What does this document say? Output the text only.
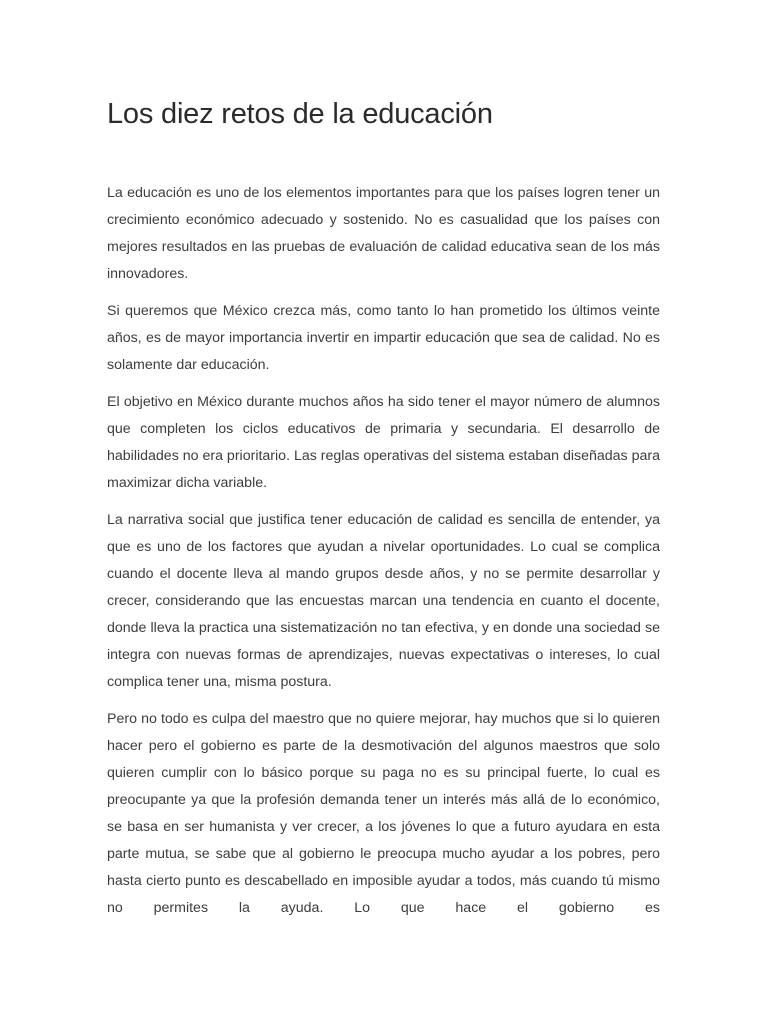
Los diez retos de la educación

La educación es uno de los elementos importantes para que los países logren tener un crecimiento económico adecuado y sostenido. No es casualidad que los países con mejores resultados en las pruebas de evaluación de calidad educativa sean de los más innovadores.

Si queremos que México crezca más, como tanto lo han prometido los últimos veinte años, es de mayor importancia invertir en impartir educación que sea de calidad. No es solamente dar educación.

El objetivo en México durante muchos años ha sido tener el mayor número de alumnos que completen los ciclos educativos de primaria y secundaria. El desarrollo de habilidades no era prioritario. Las reglas operativas del sistema estaban diseñadas para maximizar dicha variable.

La narrativa social que justifica tener educación de calidad es sencilla de entender, ya que es uno de los factores que ayudan a nivelar oportunidades. Lo cual se complica cuando el docente lleva al mando grupos desde años, y no se permite desarrollar y crecer, considerando que las encuestas marcan una tendencia en cuanto el docente, donde lleva la practica una sistematización no tan efectiva, y en donde una sociedad se integra con nuevas formas de aprendizajes, nuevas expectativas o intereses, lo cual complica tener una, misma postura.

Pero no todo es culpa del maestro que no quiere mejorar, hay muchos que si lo quieren hacer pero el gobierno es parte de la desmotivación del algunos maestros que solo quieren cumplir con lo básico porque su paga no es su principal fuerte, lo cual es preocupante ya que la profesión demanda tener un interés más allá de lo económico, se basa en ser humanista y ver crecer, a los jóvenes lo que a futuro ayudara en esta parte mutua, se sabe que al gobierno le preocupa mucho ayudar a los pobres, pero hasta cierto punto es descabellado en imposible ayudar a todos, más cuando tú mismo no permites la ayuda. Lo que hace el gobierno es
